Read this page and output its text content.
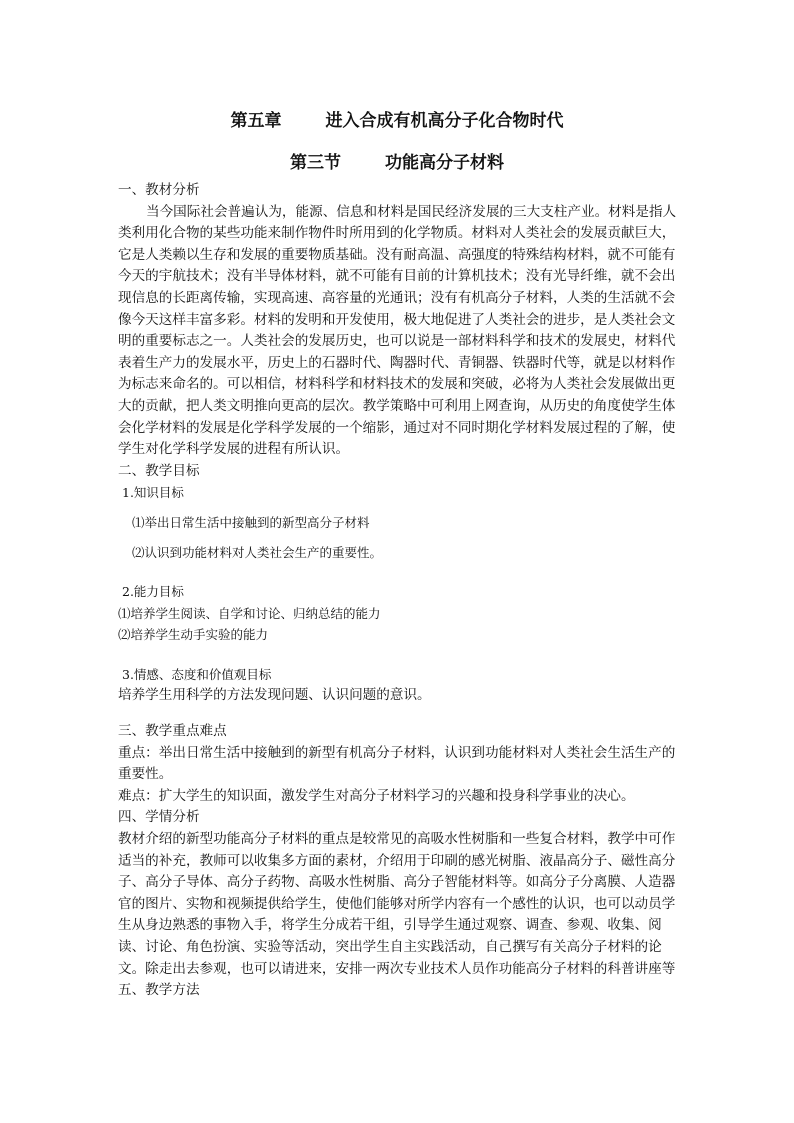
第五章	进入合成有机高分子化合物时代
第三节	功能高分子材料

一、教材分析

当今国际社会普遍认为，能源、信息和材料是国民经济发展的三大支柱产业。材料是指人类利用化合物的某些功能来制作物件时所用到的化学物质。材料对人类社会的发展贡献巨大，它是人类赖以生存和发展的重要物质基础。没有耐高温、高强度的特殊结构材料，就不可能有今天的宇航技术；没有半导体材料，就不可能有目前的计算机技术；没有光导纤维，就不会出现信息的长距离传输，实现高速、高容量的光通讯；没有有机高分子材料，人类的生活就不会像今天这样丰富多彩。材料的发明和开发使用，极大地促进了人类社会的进步，是人类社会文明的重要标志之一。人类社会的发展历史，也可以说是一部材料科学和技术的发展史，材料代表着生产力的发展水平，历史上的石器时代、陶器时代、青铜器、铁器时代等，就是以材料作为标志来命名的。可以相信，材料科学和材料技术的发展和突破，必将为人类社会发展做出更大的贡献，把人类文明推向更高的层次。教学策略中可利用上网查询，从历史的角度使学生体会化学材料的发展是化学科学发展的一个缩影，通过对不同时期化学材料发展过程的了解，使学生对化学科学发展的进程有所认识。

二、教学目标

1.知识目标

⑴举出日常生活中接触到的新型高分子材料

⑵认识到功能材料对人类社会生产的重要性。

2.能力目标

⑴培养学生阅读、自学和讨论、归纳总结的能力

⑵培养学生动手实验的能力

3.情感、态度和价值观目标

培养学生用科学的方法发现问题、认识问题的意识。

三、教学重点难点

重点：举出日常生活中接触到的新型有机高分子材料，认识到功能材料对人类社会生活生产的重要性。

难点：扩大学生的知识面，激发学生对高分子材料学习的兴趣和投身科学事业的决心。

四、学情分析

教材介绍的新型功能高分子材料的重点是较常见的高吸水性树脂和一些复合材料，教学中可作适当的补充，教师可以收集多方面的素材，介绍用于印刷的感光树脂、液晶高分子、磁性高分子、高分子导体、高分子药物、高吸水性树脂、高分子智能材料等。如高分子分离膜、人造器官的图片、实物和视频提供给学生，使他们能够对所学内容有一个感性的认识，也可以动员学生从身边熟悉的事物入手，将学生分成若干组，引导学生通过观察、调查、参观、收集、阅读、讨论、角色扮演、实验等活动，突出学生自主实践活动，自己撰写有关高分子材料的论文。除走出去参观，也可以请进来，安排一两次专业技术人员作功能高分子材料的科普讲座等

五、教学方法
